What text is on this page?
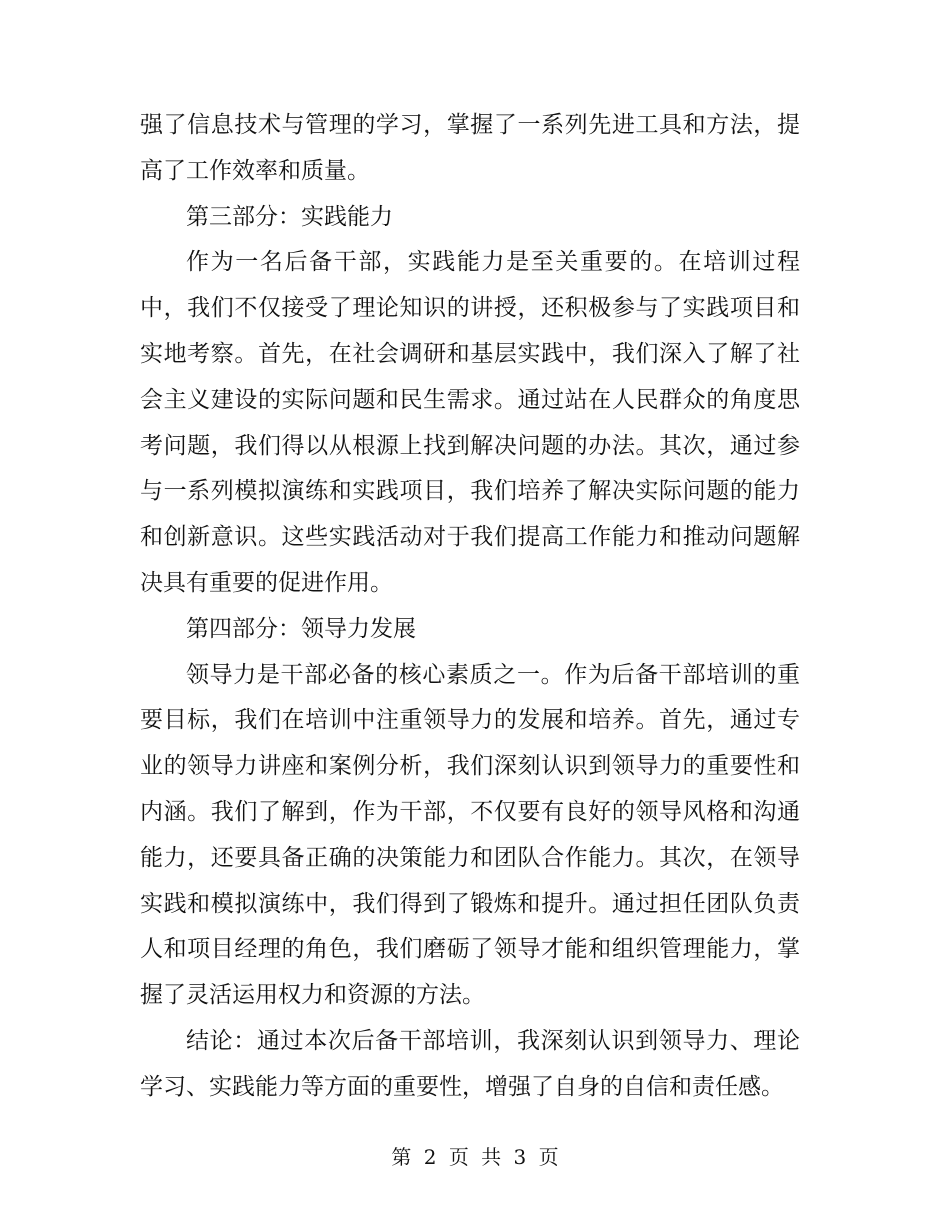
强了信息技术与管理的学习，掌握了一系列先进工具和方法，提高了工作效率和质量。

第三部分：实践能力

作为一名后备干部，实践能力是至关重要的。在培训过程中，我们不仅接受了理论知识的讲授，还积极参与了实践项目和实地考察。首先，在社会调研和基层实践中，我们深入了解了社会主义建设的实际问题和民生需求。通过站在人民群众的角度思考问题，我们得以从根源上找到解决问题的办法。其次，通过参与一系列模拟演练和实践项目，我们培养了解决实际问题的能力和创新意识。这些实践活动对于我们提高工作能力和推动问题解决具有重要的促进作用。

第四部分：领导力发展

领导力是干部必备的核心素质之一。作为后备干部培训的重要目标，我们在培训中注重领导力的发展和培养。首先，通过专业的领导力讲座和案例分析，我们深刻认识到领导力的重要性和内涵。我们了解到，作为干部，不仅要有良好的领导风格和沟通能力，还要具备正确的决策能力和团队合作能力。其次，在领导实践和模拟演练中，我们得到了锻炼和提升。通过担任团队负责人和项目经理的角色，我们磨砺了领导才能和组织管理能力，掌握了灵活运用权力和资源的方法。

结论：通过本次后备干部培训，我深刻认识到领导力、理论学习、实践能力等方面的重要性，增强了自身的自信和责任感。

第 2 页 共 3 页
